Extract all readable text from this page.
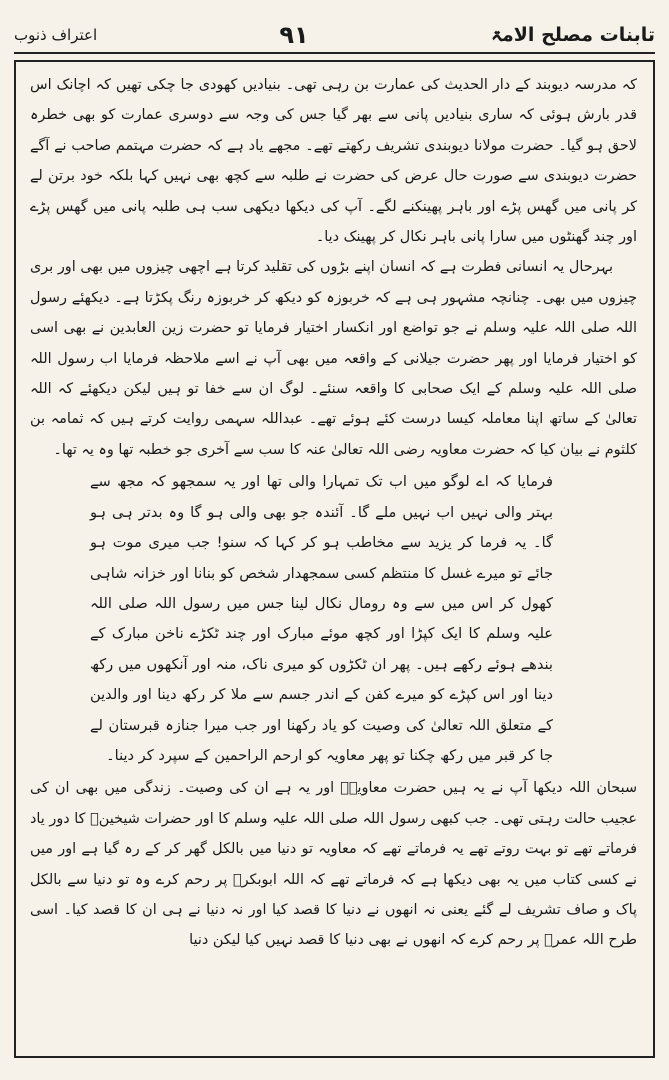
تابنات مصلح الامۃ
۹۱
اعتراف ذنوب

کہ مدرسہ دیوبند کے دار الحدیث کی عمارت بن رہی تھی۔ بنیادیں کھودی جا چکی تھیں کہ اچانک اس قدر بارش ہوئی کہ ساری بنیادیں پانی سے بھر گیا جس کی وجہ سے دوسری عمارت کو بھی خطرہ لاحق ہو گیا۔ حضرت مولانا دیوبندی تشریف رکھتے تھے۔ مجھے یاد ہے کہ حضرت مہتمم صاحب نے آگے حضرت دیوبندی سے صورت حال عرض کی حضرت نے طلبہ سے کچھ بھی نہیں کہا بلکہ خود برتن لے کر پانی میں گھس پڑے اور باہر پھینکنے لگے۔ آپ کی دیکھا دیکھی سب ہی طلبہ پانی میں گھس پڑے اور چند گھنٹوں میں سارا پانی باہر نکال کر پھینک دیا۔

بہرحال یہ انسانی فطرت ہے کہ انسان اپنے بڑوں کی تقلید کرتا ہے اچھی چیزوں میں بھی اور بری چیزوں میں بھی۔ چنانچہ مشہور ہی ہے کہ خربوزہ کو دیکھ کر خربوزہ رنگ پکڑتا ہے۔ دیکھئے رسول اللہ صلی اللہ علیہ وسلم نے جو تواضع اور انکسار اختیار فرمایا تو حضرت زین العابدین نے بھی اسی کو اختیار فرمایا اور پھر حضرت جیلانی کے واقعہ میں بھی آپ نے اسے ملاحظہ فرمایا اب رسول اللہ صلی اللہ علیہ وسلم کے ایک صحابی کا واقعہ سنئے۔ لوگ ان سے خفا تو ہیں لیکن دیکھئے کہ اللہ تعالیٰ کے ساتھ اپنا معاملہ کیسا درست کئے ہوئے تھے۔ عبداللہ سہمی روایت کرتے ہیں کہ ثمامہ بن کلثوم نے بیان کیا کہ حضرت معاویہ رضی اللہ تعالیٰ عنہ کا سب سے آخری جو خطبہ تھا وہ یہ تھا۔

فرمایا کہ اے لوگو میں اب تک تمہارا والی تھا اور یہ سمجھو کہ مجھ سے بہتر والی نہیں اب نہیں ملے گا۔ آئندہ جو بھی والی ہو گا وہ بدتر ہی ہو گا۔ یہ فرما کر یزید سے مخاطب ہو کر کہا کہ سنو! جب میری موت ہو جائے تو میرے غسل کا منتظم کسی سمجھدار شخص کو بنانا اور خزانہ شاہی کھول کر اس میں سے وہ رومال نکال لینا جس میں رسول اللہ صلی اللہ علیہ وسلم کا ایک کپڑا اور کچھ موئے مبارک اور چند ٹکڑے ناخن مبارک کے بندھے ہوئے رکھے ہیں۔ پھر ان ٹکڑوں کو میری ناک، منہ اور آنکھوں میں رکھ دینا اور اس کپڑے کو میرے کفن کے اندر جسم سے ملا کر رکھ دینا اور والدین کے متعلق اللہ تعالیٰ کی وصیت کو یاد رکھنا اور جب میرا جنازہ قبرستان لے جا کر قبر میں رکھ چکنا تو پھر معاویہ کو ارحم الراحمین کے سپرد کر دینا۔

سبحان اللہ دیکھا آپ نے یہ ہیں حضرت معاویہؓ اور یہ ہے ان کی وصیت۔ زندگی میں بھی ان کی عجیب حالت رہتی تھی۔ جب کبھی رسول اللہ صلی اللہ علیہ وسلم کا اور حضرات شیخینؓ کا دور یاد فرماتے تھے تو بہت روتے تھے یہ فرماتے تھے کہ معاویہ تو دنیا میں بالکل گھر کر کے رہ گیا ہے اور میں نے کسی کتاب میں یہ بھی دیکھا ہے کہ فرماتے تھے کہ اللہ ابوبکرؓ پر رحم کرے وہ تو دنیا سے بالکل پاک و صاف تشریف لے گئے یعنی نہ انھوں نے دنیا کا قصد کیا اور نہ دنیا نے ہی ان کا قصد کیا۔ اسی طرح اللہ عمرؓ پر رحم کرے کہ انھوں نے بھی دنیا کا قصد نہیں کیا لیکن دنیا
